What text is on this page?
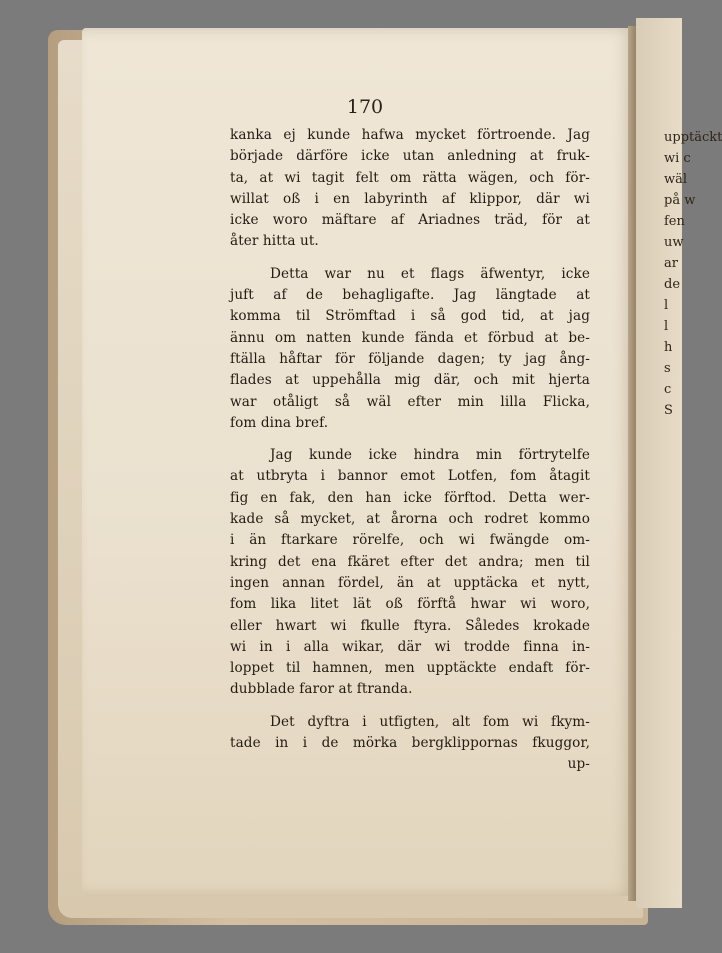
upptäckt
wi c
wäl
på w
fen
uw
ar
de
l
l
h
s
c
S
170
kanka ej kunde hafwa mycket förtroende. Jag
började därföre icke utan anledning at fruk-
ta, at wi tagit felt om rätta wägen, och för-
willat oß i en labyrinth af klippor, där wi
icke woro mäftare af Ariadnes träd, för at
åter hitta ut.
Detta war nu et flags äfwentyr, icke
juft af de behagligafte. Jag längtade at
komma til Strömftad i så god tid, at jag
ännu om natten kunde fända et förbud at be-
ftälla håftar för följande dagen; ty jag ång-
flades at uppehålla mig där, och mit hjerta
war otåligt så wäl efter min lilla Flicka,
fom dina bref.
Jag kunde icke hindra min förtrytelfe
at utbryta i bannor emot Lotfen, fom åtagit
fig en fak, den han icke förftod. Detta wer-
kade så mycket, at årorna och rodret kommo
i än ftarkare rörelfe, och wi fwängde om-
kring det ena fkäret efter det andra; men til
ingen annan fördel, än at upptäcka et nytt,
fom lika litet lät oß förftå hwar wi woro,
eller hwart wi fkulle ftyra. Således krokade
wi in i alla wikar, där wi trodde finna in-
loppet til hamnen, men upptäckte endaft för-
dubblade faror at ftranda.
Det dyftra i utfigten, alt fom wi fkym-
tade in i de mörka bergklippornas fkuggor,
up-
